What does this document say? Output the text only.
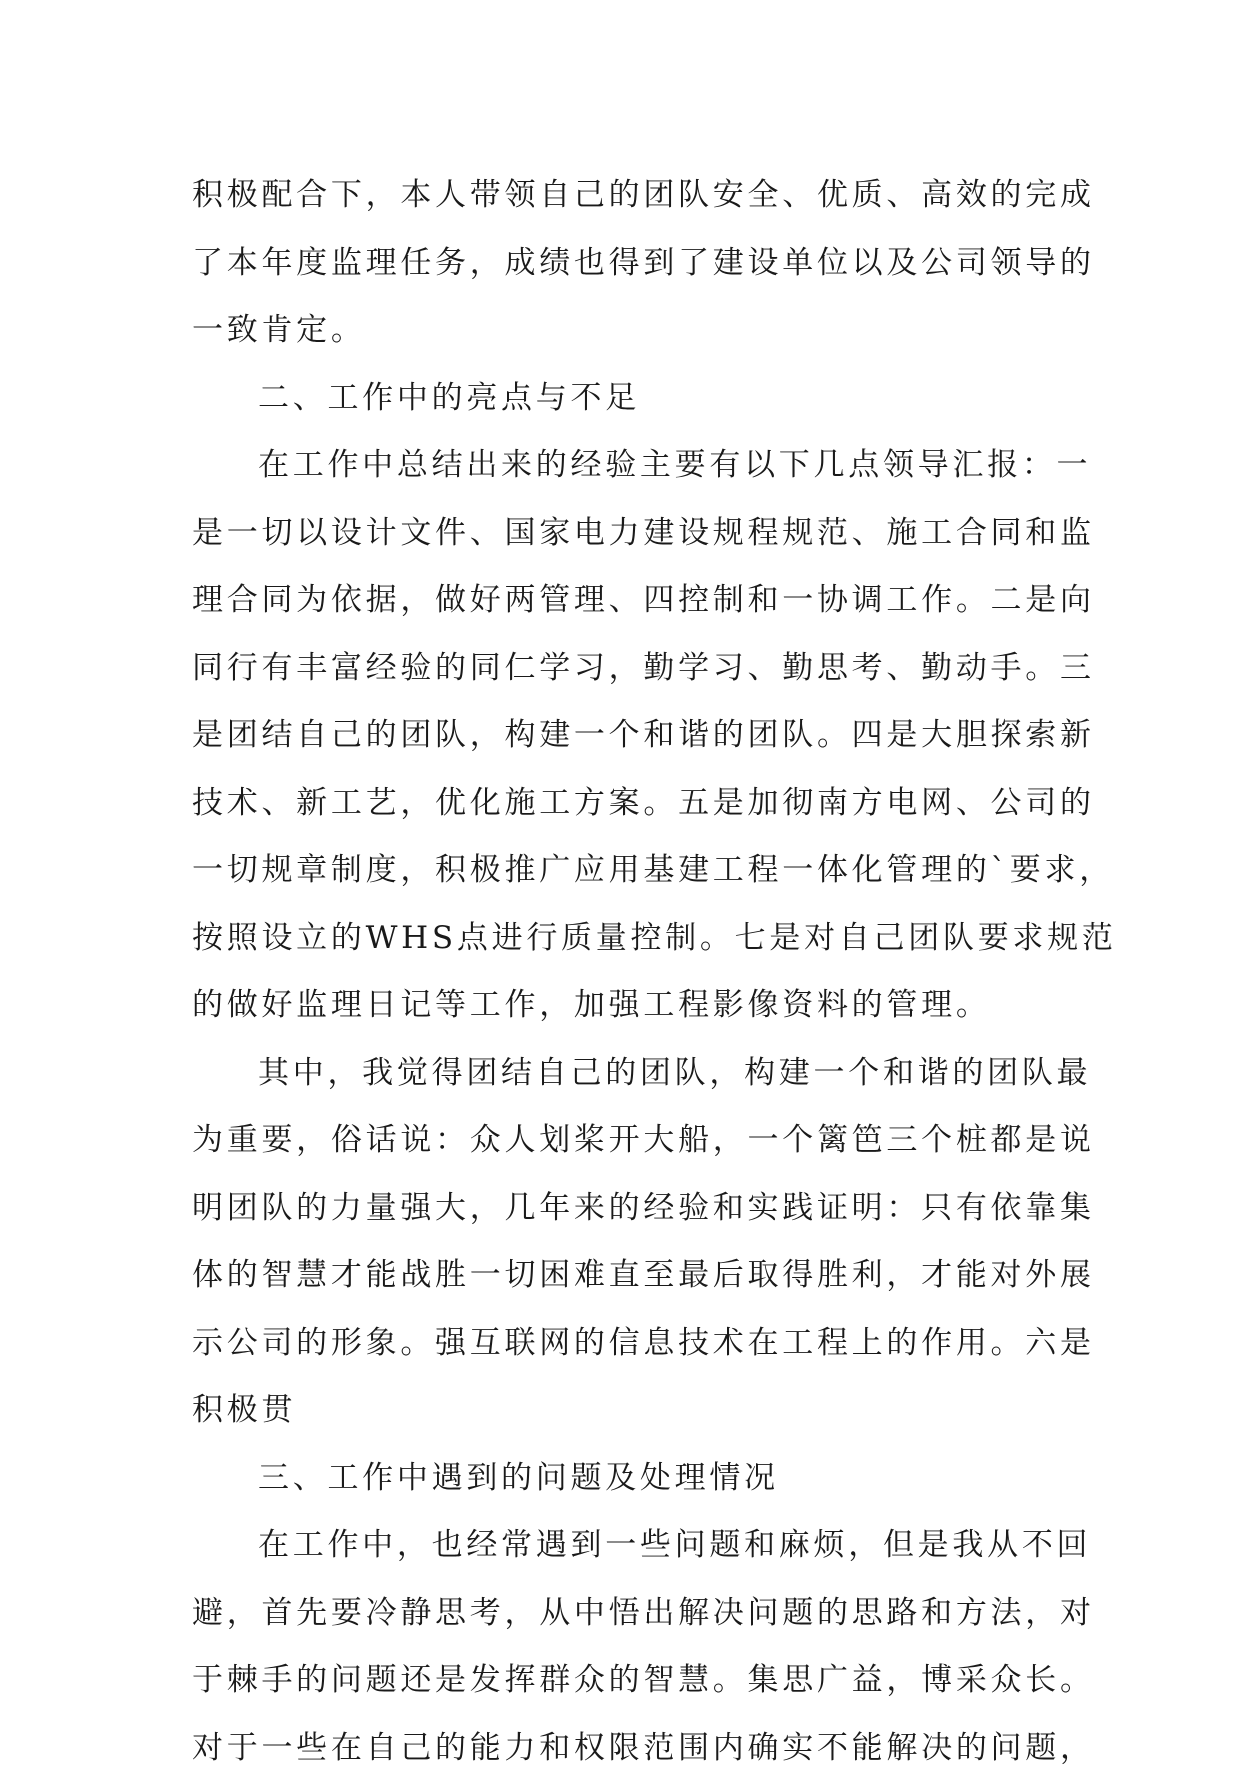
积极配合下，本人带领自己的团队安全、优质、高效的完成
了本年度监理任务，成绩也得到了建设单位以及公司领导的
一致肯定。
二、工作中的亮点与不足
在工作中总结出来的经验主要有以下几点领导汇报：一
是一切以设计文件、国家电力建设规程规范、施工合同和监
理合同为依据，做好两管理、四控制和一协调工作。二是向
同行有丰富经验的同仁学习，勤学习、勤思考、勤动手。三
是团结自己的团队，构建一个和谐的团队。四是大胆探索新
技术、新工艺，优化施工方案。五是加彻南方电网、公司的
一切规章制度，积极推广应用基建工程一体化管理的`要求，
按照设立的WHS点进行质量控制。七是对自己团队要求规范
的做好监理日记等工作，加强工程影像资料的管理。
其中，我觉得团结自己的团队，构建一个和谐的团队最
为重要，俗话说：众人划桨开大船，一个篱笆三个桩都是说
明团队的力量强大，几年来的经验和实践证明：只有依靠集
体的智慧才能战胜一切困难直至最后取得胜利，才能对外展
示公司的形象。强互联网的信息技术在工程上的作用。六是
积极贯
三、工作中遇到的问题及处理情况
在工作中，也经常遇到一些问题和麻烦，但是我从不回
避，首先要冷静思考，从中悟出解决问题的思路和方法，对
于棘手的问题还是发挥群众的智慧。集思广益，博采众长。
对于一些在自己的能力和权限范围内确实不能解决的问题，
